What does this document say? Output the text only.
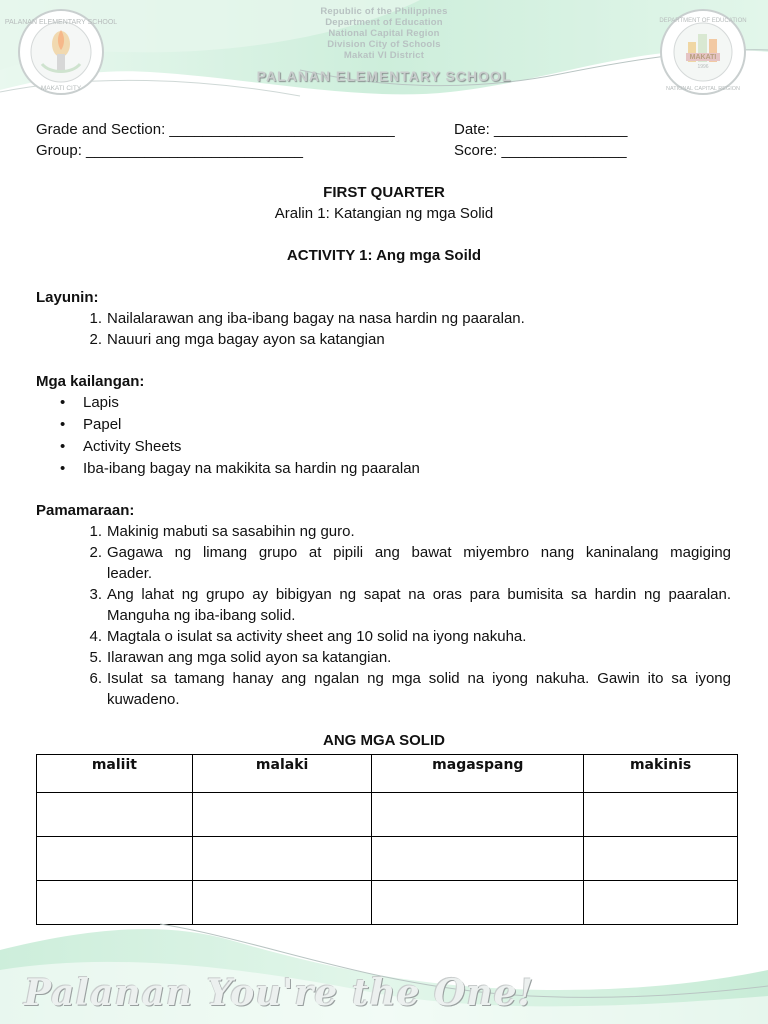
PALANAN ELEMENTARY SCHOOL
MAKATI CITY
MAKATI
1996
DEPARTMENT OF EDUCATION
NATIONAL CAPITAL REGION
Republic of the Philippines
Department of Education
National Capital Region
Division City of Schools
Makati VI District
PALANAN ELEMENTARY SCHOOL
Grade and Section: ___________________________	Date: ________________
Group: __________________________	Score: _______________
FIRST QUARTER
Aralin 1: Katangian ng mga Solid
ACTIVITY 1: Ang mga Soild
Layunin:
1. Nailalarawan ang iba-ibang bagay na nasa hardin ng paaralan.
2. Nauuri ang mga bagay ayon sa katangian
Mga kailangan:
• Lapis
• Papel
• Activity Sheets
• Iba-ibang bagay na makikita sa hardin ng paaralan
Pamamaraan:
1. Makinig mabuti sa sasabihin ng guro.
2. Gagawa ng limang grupo at pipili ang bawat miyembro nang kaninalang magiging
leader.
3. Ang lahat ng grupo ay bibigyan ng sapat na oras para bumisita sa hardin ng paaralan.
Manguha ng iba-ibang solid.
4. Magtala o isulat sa activity sheet ang 10 solid na iyong nakuha.
5. Ilarawan ang mga solid ayon sa katangian.
6. Isulat sa tamang hanay ang ngalan ng mga solid na iyong nakuha. Gawin ito sa iyong
kuwadeno.
ANG MGA SOLID
maliit	malaki	magaspang	makinis

Palanan You're the One!
